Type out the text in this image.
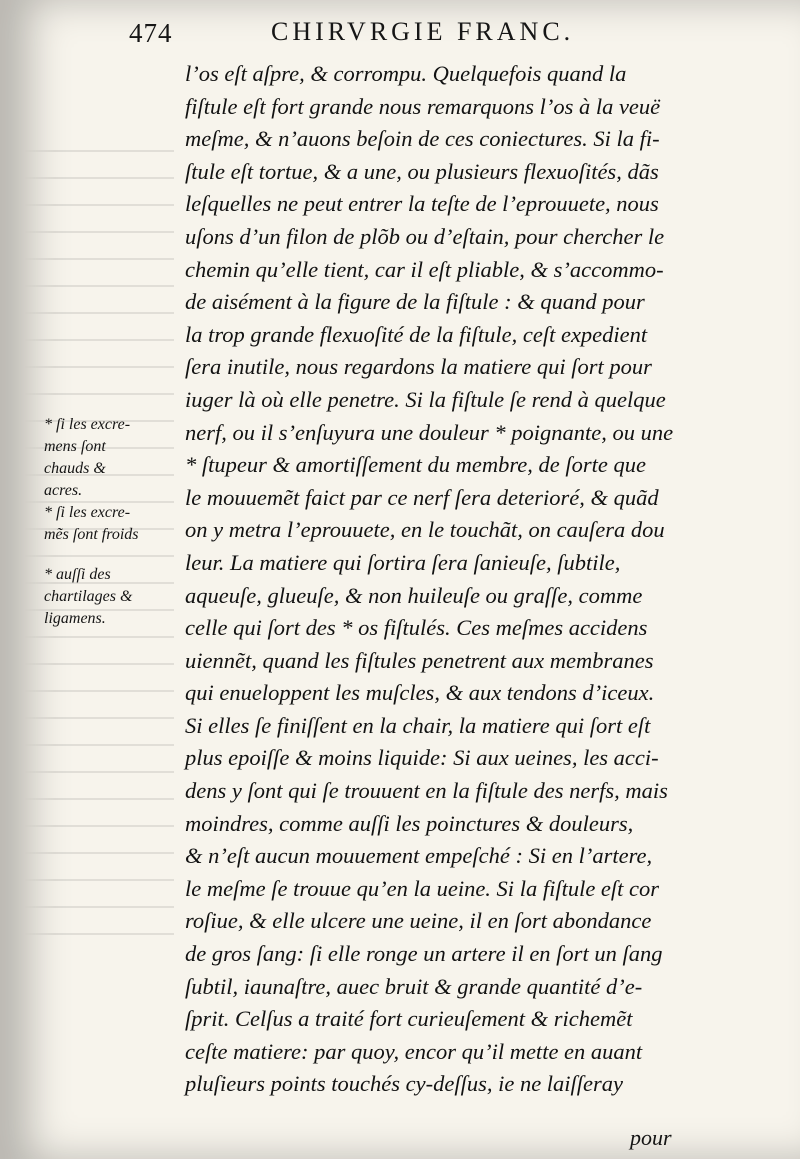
474	CHIRVRGIE FRANC.
* ſi les excre-
mens ſont
chauds &
acres.
* ſi les excre-
mẽs ſont froids
* auſſi des
chartilages &
ligamens.
l’os eſt aſpre, & corrompu. Quelquefois quand la
fiſtule eſt fort grande nous remarquons l’os à la veuë
meſme, & n’auons beſoin de ces coniectures. Si la fi-
ſtule eſt tortue, & a une, ou plusieurs flexuoſités, dãs
leſquelles ne peut entrer la teſte de l’eprouuete, nous
uſons d’un filon de plõb ou d’eſtain, pour chercher le
chemin qu’elle tient, car il eſt pliable, & s’accommo-
de aisément à la figure de la fiſtule : & quand pour
la trop grande flexuoſité de la fiſtule, ceſt expedient
ſera inutile, nous regardons la matiere qui ſort pour
iuger là où elle penetre. Si la fiſtule ſe rend à quelque
nerf, ou il s’enſuyura une douleur * poignante, ou une
* ſtupeur & amortiſſement du membre, de ſorte que
le mouuemẽt faict par ce nerf ſera deterioré, & quãd
on y metra l’eprouuete, en le touchãt, on cauſera dou
leur. La matiere qui ſortira ſera ſanieuſe, ſubtile,
aqueuſe, glueuſe, & non huileuſe ou graſſe, comme
celle qui ſort des * os fiſtulés. Ces meſmes accidens
uiennẽt, quand les fiſtules penetrent aux membranes
qui enueloppent les muſcles, & aux tendons d’iceux.
Si elles ſe finiſſent en la chair, la matiere qui ſort eſt
plus epoiſſe & moins liquide: Si aux ueines, les acci-
dens y ſont qui ſe trouuent en la fiſtule des nerfs, mais
moindres, comme auſſi les poinctures & douleurs,
& n’eſt aucun mouuement empeſché : Si en l’artere,
le meſme ſe trouue qu’en la ueine. Si la fiſtule eſt cor
roſiue, & elle ulcere une ueine, il en ſort abondance
de gros ſang: ſi elle ronge un artere il en ſort un ſang
ſubtil, iaunaſtre, auec bruit & grande quantité d’e-
ſprit. Celſus a traité fort curieuſement & richemẽt
ceſte matiere: par quoy, encor qu’il mette en auant
pluſieurs points touchés cy-deſſus, ie ne laiſſeray
pour
